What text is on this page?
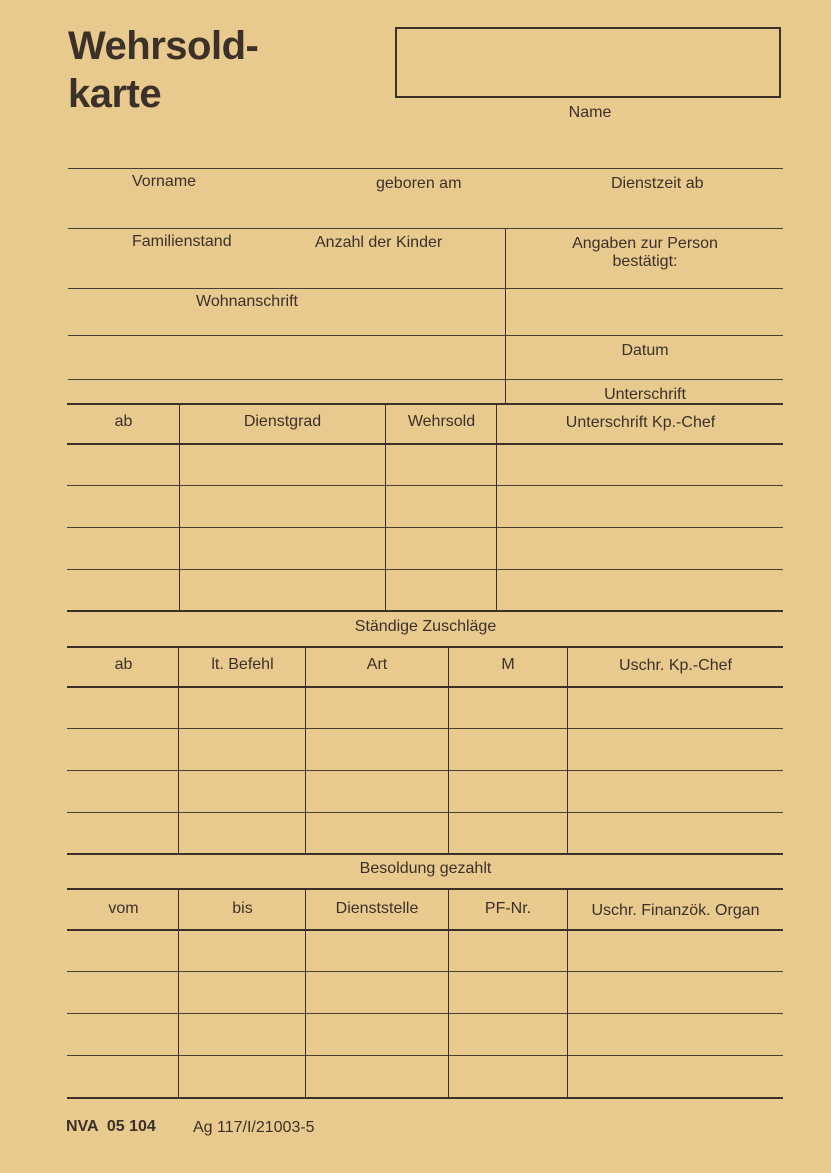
Wehrsold-
karte	Name
Vorname	geboren am	Dienstzeit ab
Familienstand	Anzahl der Kinder	Angaben zur Person
bestätigt:
Wohnanschrift
Datum
Unterschrift
ab	Dienstgrad	Wehrsold	Unterschrift Kp.-Chef
Ständige Zuschläge
ab	lt. Befehl	Art	M	Uschr. Kp.-Chef
Besoldung gezahlt
vom	bis	Dienststelle	PF-Nr.	Uschr. Finanzök. Organ
NVA  05 104 Ag 117/I/21003-5
